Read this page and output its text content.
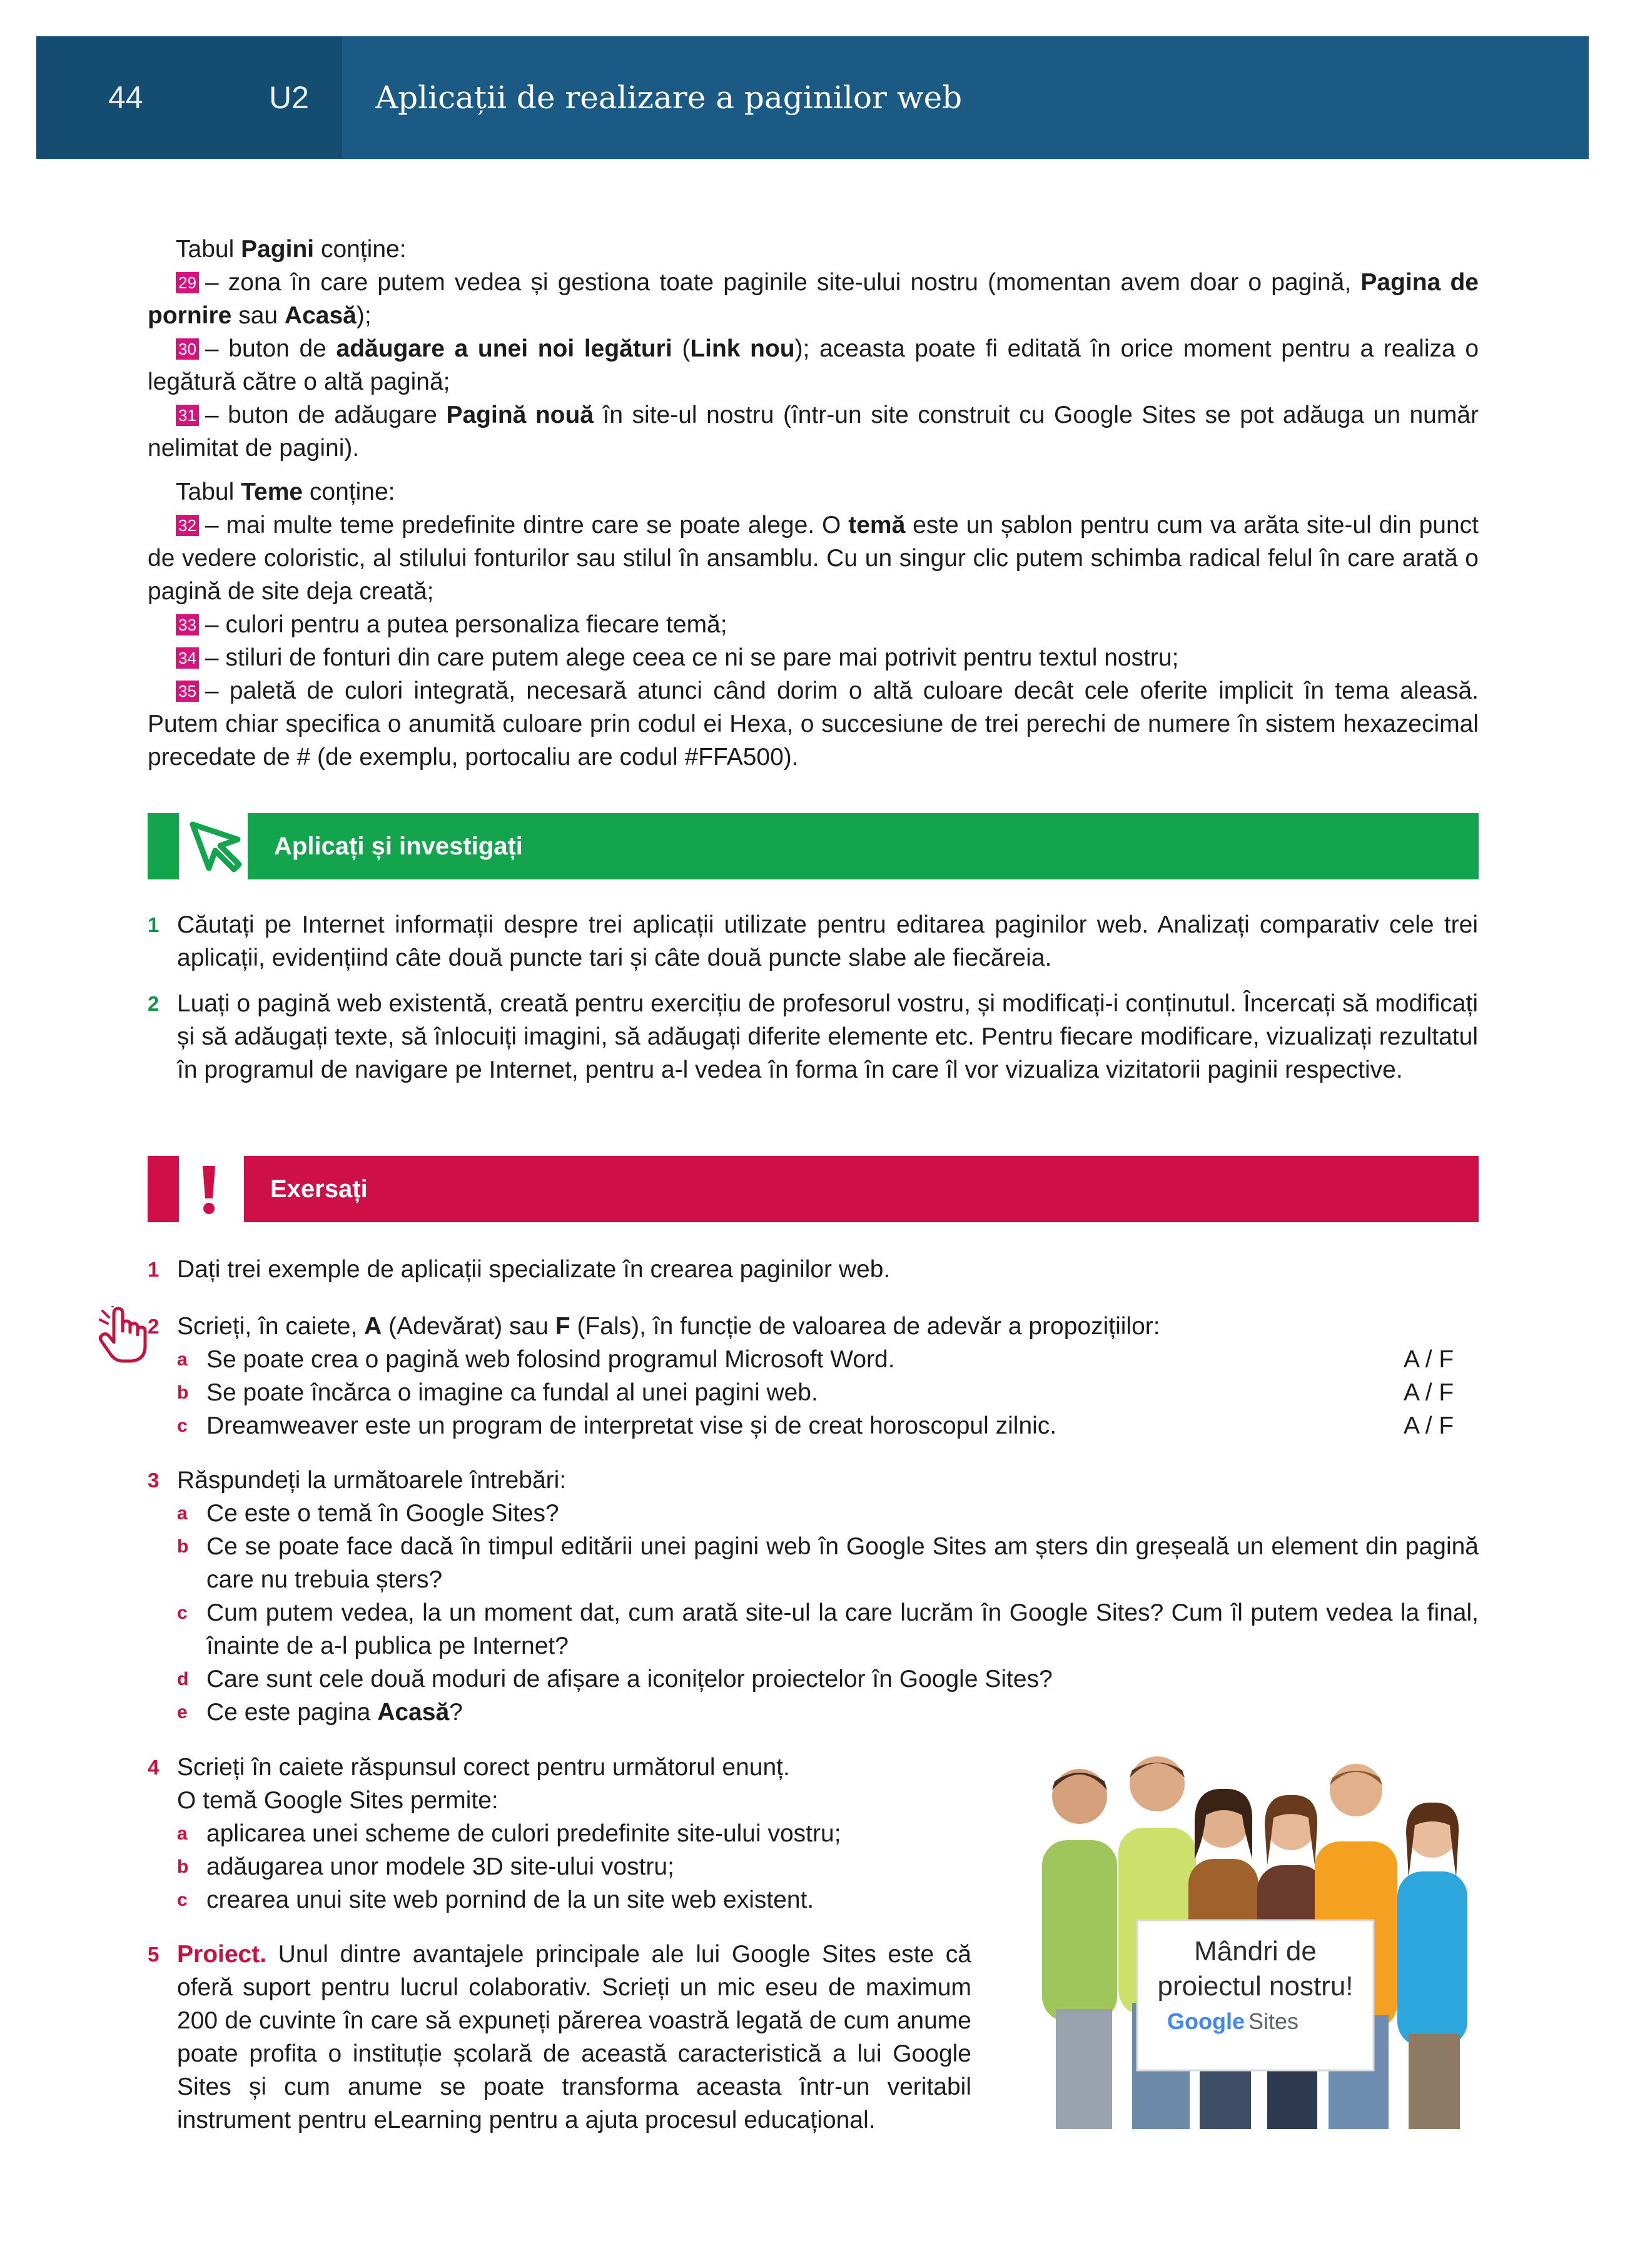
44	U2 Aplicații de realizare a paginilor web

Tabul Pagini conține:

29 – zona în care putem vedea și gestiona toate paginile site-ului nostru (momentan avem doar o pagină, Pagina de pornire sau Acasă);

30 – buton de adăugare a unei noi legături (Link nou); aceasta poate fi editată în orice moment pentru a realiza o legătură către o altă pagină;

31 – buton de adăugare Pagină nouă în site-ul nostru (într-un site construit cu Google Sites se pot adăuga un număr nelimitat de pagini).

Tabul Teme conține:

32 – mai multe teme predefinite dintre care se poate alege. O temă este un șablon pentru cum va arăta site-ul din punct de vedere coloristic, al stilului fonturilor sau stilul în ansamblu. Cu un singur clic putem schimba radical felul în care arată o pagină de site deja creată;

33 – culori pentru a putea personaliza fiecare temă;

34 – stiluri de fonturi din care putem alege ceea ce ni se pare mai potrivit pentru textul nostru;

35 – paletă de culori integrată, necesară atunci când dorim o altă culoare decât cele oferite implicit în tema aleasă. Putem chiar specifica o anumită culoare prin codul ei Hexa, o succesiune de trei perechi de numere în sistem hexazecimal precedate de # (de exemplu, portocaliu are codul #FFA500).

Aplicați și investigați
1 Căutați pe Internet informații despre trei aplicații utilizate pentru editarea paginilor web. Analizați comparativ cele trei aplicații, evidențiind câte două puncte tari și câte două puncte slabe ale fiecăreia.

2 Luați o pagină web existentă, creată pentru exercițiu de profesorul vostru, și modificați-i conținutul. Încercați să modificați și să adăugați texte, să înlocuiți imagini, să adăugați diferite elemente etc. Pentru fiecare modificare, vizualizați rezultatul în programul de navigare pe Internet, pentru a-l vedea în forma în care îl vor vizualiza vizitatorii paginii respective.

Exersați
1 Dați trei exemple de aplicații specializate în crearea paginilor web.

2 Scrieți, în caiete, A (Adevărat) sau F (Fals), în funcție de valoarea de adevăr a propozițiilor:

a Se poate crea o pagină web folosind programul Microsoft Word.	A / F
b Se poate încărca o imagine ca fundal al unei pagini web.	A / F
c Dreamweaver este un program de interpretat vise și de creat horoscopul zilnic.	A / F
3 Răspundeți la următoarele întrebări:

a Ce este o temă în Google Sites?

b Ce se poate face dacă în timpul editării unei pagini web în Google Sites am șters din greșeală un element din pagină care nu trebuia șters?

c Cum putem vedea, la un moment dat, cum arată site-ul la care lucrăm în Google Sites? Cum îl putem vedea la final, înainte de a-l publica pe Internet?

d Care sunt cele două moduri de afișare a iconițelor proiectelor în Google Sites?

e Ce este pagina Acasă?

4 Scrieți în caiete răspunsul corect pentru următorul enunț.

O temă Google Sites permite:

a aplicarea unei scheme de culori predefinite site-ului vostru;

b adăugarea unor modele 3D site-ului vostru;

c crearea unui site web pornind de la un site web existent.

5 Proiect. Unul dintre avantajele principale ale lui Google Sites este că oferă suport pentru lucrul colaborativ. Scrieți un mic eseu de maximum 200 de cuvinte în care să expuneți părerea voastră legată de cum anume poate profita o instituție școlară de această caracteristică a lui Google Sites și cum anume se poate transforma aceasta într-un veritabil instrument pentru eLearning pentru a ajuta procesul educațional.

Mândri de
proiectul nostru!
Google Sites
